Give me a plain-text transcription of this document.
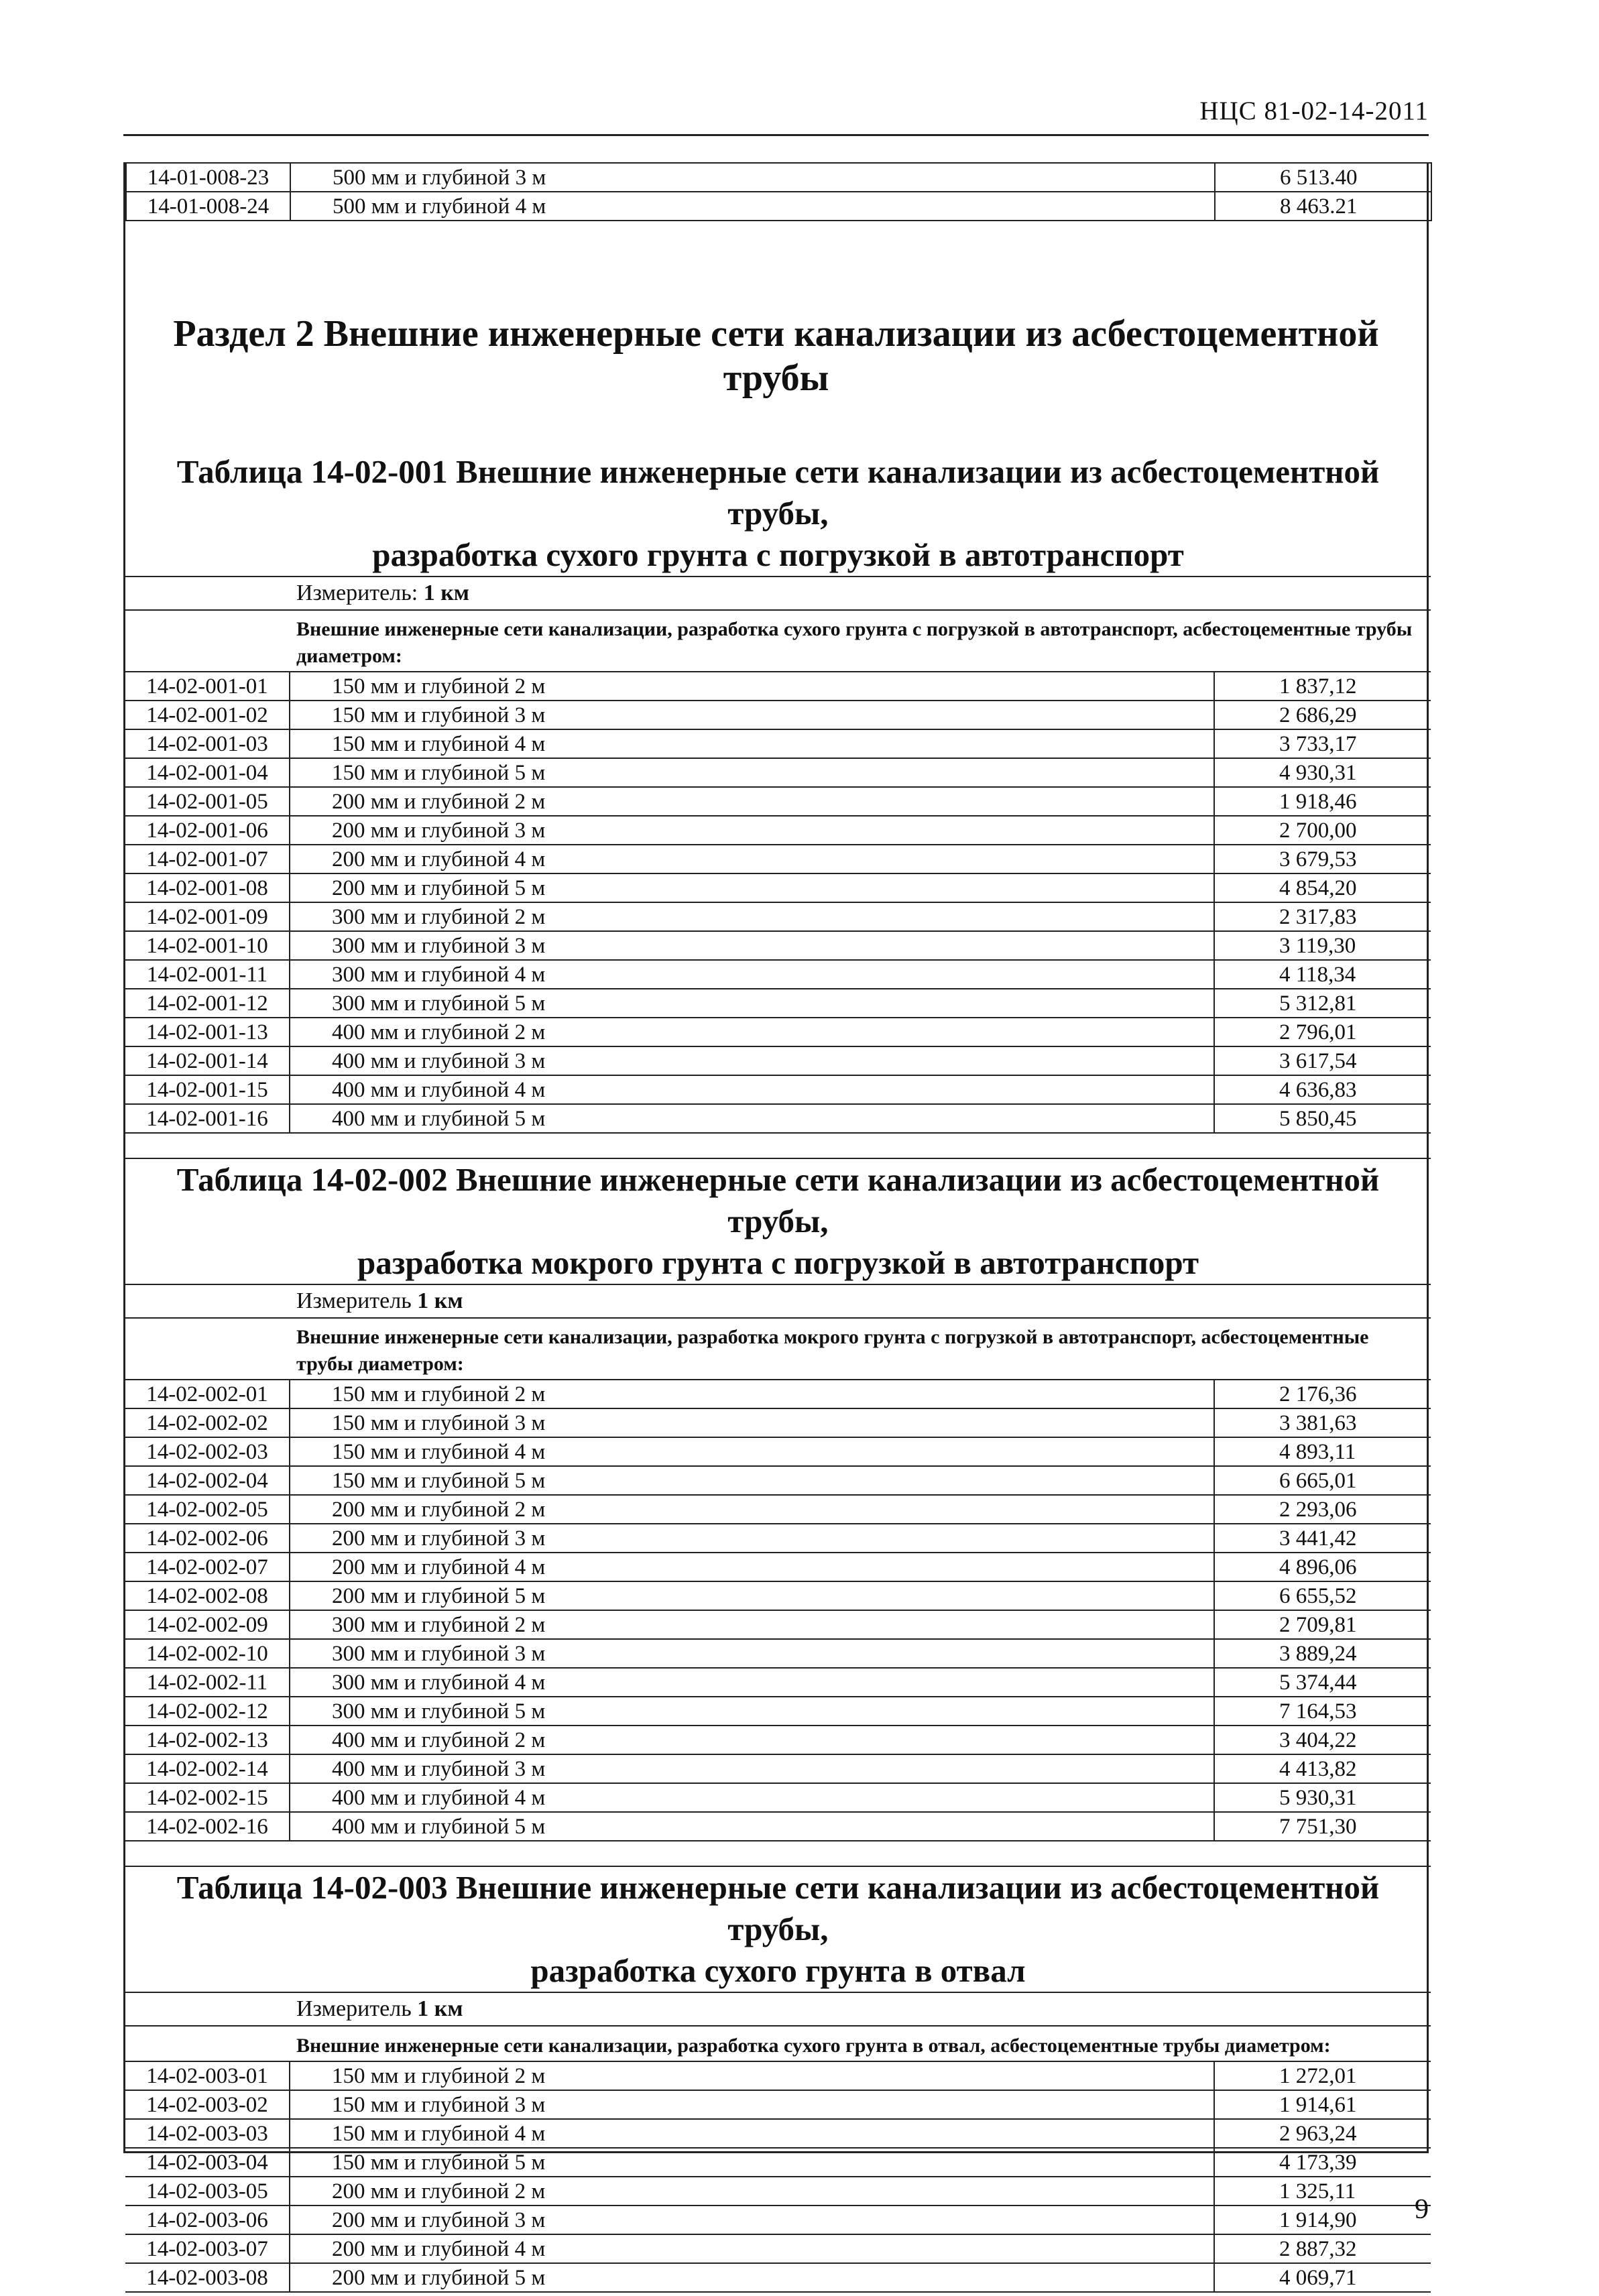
НЦС 81-02-14-2011
14-01-008-23	500 мм и глубиной 3 м	6 513.40
14-01-008-24	500 мм и глубиной 4 м	8 463.21
Раздел 2 Внешние инженерные сети канализации из асбестоцементной трубы
Таблица 14-02-001 Внешние инженерные сети канализации из асбестоцементной трубы,
разработка сухого грунта с погрузкой в автотранспорт		

Измеритель: 1 км		
Внешние инженерные сети канализации, разработка сухого грунта с погрузкой в автотранспорт, асбестоцементные трубы диаметром:		
14-02-001-01	150 мм и глубиной 2 м	1 837,12
14-02-001-02	150 мм и глубиной 3 м	2 686,29
14-02-001-03	150 мм и глубиной 4 м	3 733,17
14-02-001-04	150 мм и глубиной 5 м	4 930,31
14-02-001-05	200 мм и глубиной 2 м	1 918,46
14-02-001-06	200 мм и глубиной 3 м	2 700,00
14-02-001-07	200 мм и глубиной 4 м	3 679,53
14-02-001-08	200 мм и глубиной 5 м	4 854,20
14-02-001-09	300 мм и глубиной 2 м	2 317,83
14-02-001-10	300 мм и глубиной 3 м	3 119,30
14-02-001-11	300 мм и глубиной 4 м	4 118,34
14-02-001-12	300 мм и глубиной 5 м	5 312,81
14-02-001-13	400 мм и глубиной 2 м	2 796,01
14-02-001-14	400 мм и глубиной 3 м	3 617,54
14-02-001-15	400 мм и глубиной 4 м	4 636,83
14-02-001-16	400 мм и глубиной 5 м	5 850,45
Таблица 14-02-002 Внешние инженерные сети канализации из асбестоцементной трубы,
разработка мокрого грунта с погрузкой в автотранспорт		

Измеритель 1 км		
Внешние инженерные сети канализации, разработка мокрого грунта с погрузкой в автотранспорт, асбестоцементные трубы диаметром:		
14-02-002-01	150 мм и глубиной 2 м	2 176,36
14-02-002-02	150 мм и глубиной 3 м	3 381,63
14-02-002-03	150 мм и глубиной 4 м	4 893,11
14-02-002-04	150 мм и глубиной 5 м	6 665,01
14-02-002-05	200 мм и глубиной 2 м	2 293,06
14-02-002-06	200 мм и глубиной 3 м	3 441,42
14-02-002-07	200 мм и глубиной 4 м	4 896,06
14-02-002-08	200 мм и глубиной 5 м	6 655,52
14-02-002-09	300 мм и глубиной 2 м	2 709,81
14-02-002-10	300 мм и глубиной 3 м	3 889,24
14-02-002-11	300 мм и глубиной 4 м	5 374,44
14-02-002-12	300 мм и глубиной 5 м	7 164,53
14-02-002-13	400 мм и глубиной 2 м	3 404,22
14-02-002-14	400 мм и глубиной 3 м	4 413,82
14-02-002-15	400 мм и глубиной 4 м	5 930,31
14-02-002-16	400 мм и глубиной 5 м	7 751,30
Таблица 14-02-003 Внешние инженерные сети канализации из асбестоцементной трубы,
разработка сухого грунта в отвал		

Измеритель 1 км		
Внешние инженерные сети канализации, разработка сухого грунта в отвал, асбестоцементные трубы диаметром:		
14-02-003-01	150 мм и глубиной 2 м	1 272,01
14-02-003-02	150 мм и глубиной 3 м	1 914,61
14-02-003-03	150 мм и глубиной 4 м	2 963,24
14-02-003-04	150 мм и глубиной 5 м	4 173,39
14-02-003-05	200 мм и глубиной 2 м	1 325,11
14-02-003-06	200 мм и глубиной 3 м	1 914,90
14-02-003-07	200 мм и глубиной 4 м	2 887,32
14-02-003-08	200 мм и глубиной 5 м	4 069,71
9
